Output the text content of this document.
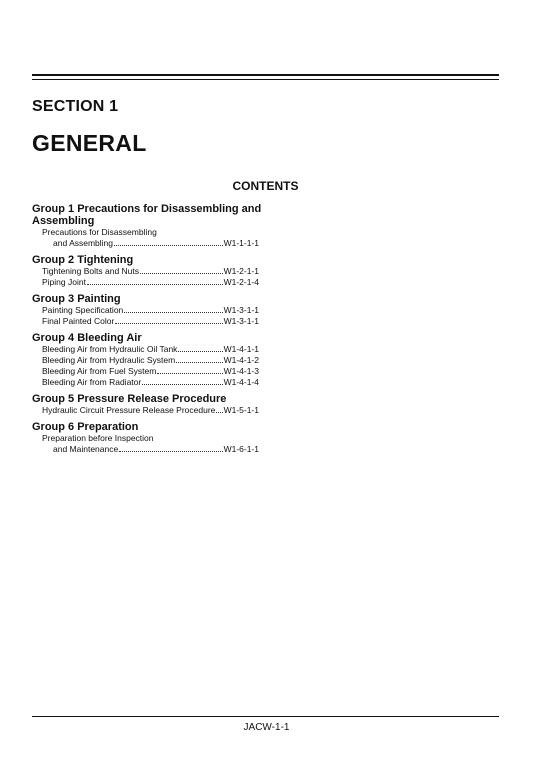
SECTION 1
GENERAL
CONTENTS
Group 1 Precautions for Disassembling and Assembling
Precautions for Disassembling
and Assembling	W1-1-1-1
Group 2 Tightening
Tightening Bolts and Nuts	W1-2-1-1
Piping Joint	W1-2-1-4
Group 3 Painting
Painting Specification	W1-3-1-1
Final Painted Color	W1-3-1-1
Group 4 Bleeding Air
Bleeding Air from Hydraulic Oil Tank	W1-4-1-1
Bleeding Air from Hydraulic System	W1-4-1-2
Bleeding Air from Fuel System	W1-4-1-3
Bleeding Air from Radiator	W1-4-1-4
Group 5 Pressure Release Procedure
Hydraulic Circuit Pressure Release Procedure W1-5-1-1
Group 6 Preparation
Preparation before Inspection
and Maintenance	W1-6-1-1
JACW-1-1
